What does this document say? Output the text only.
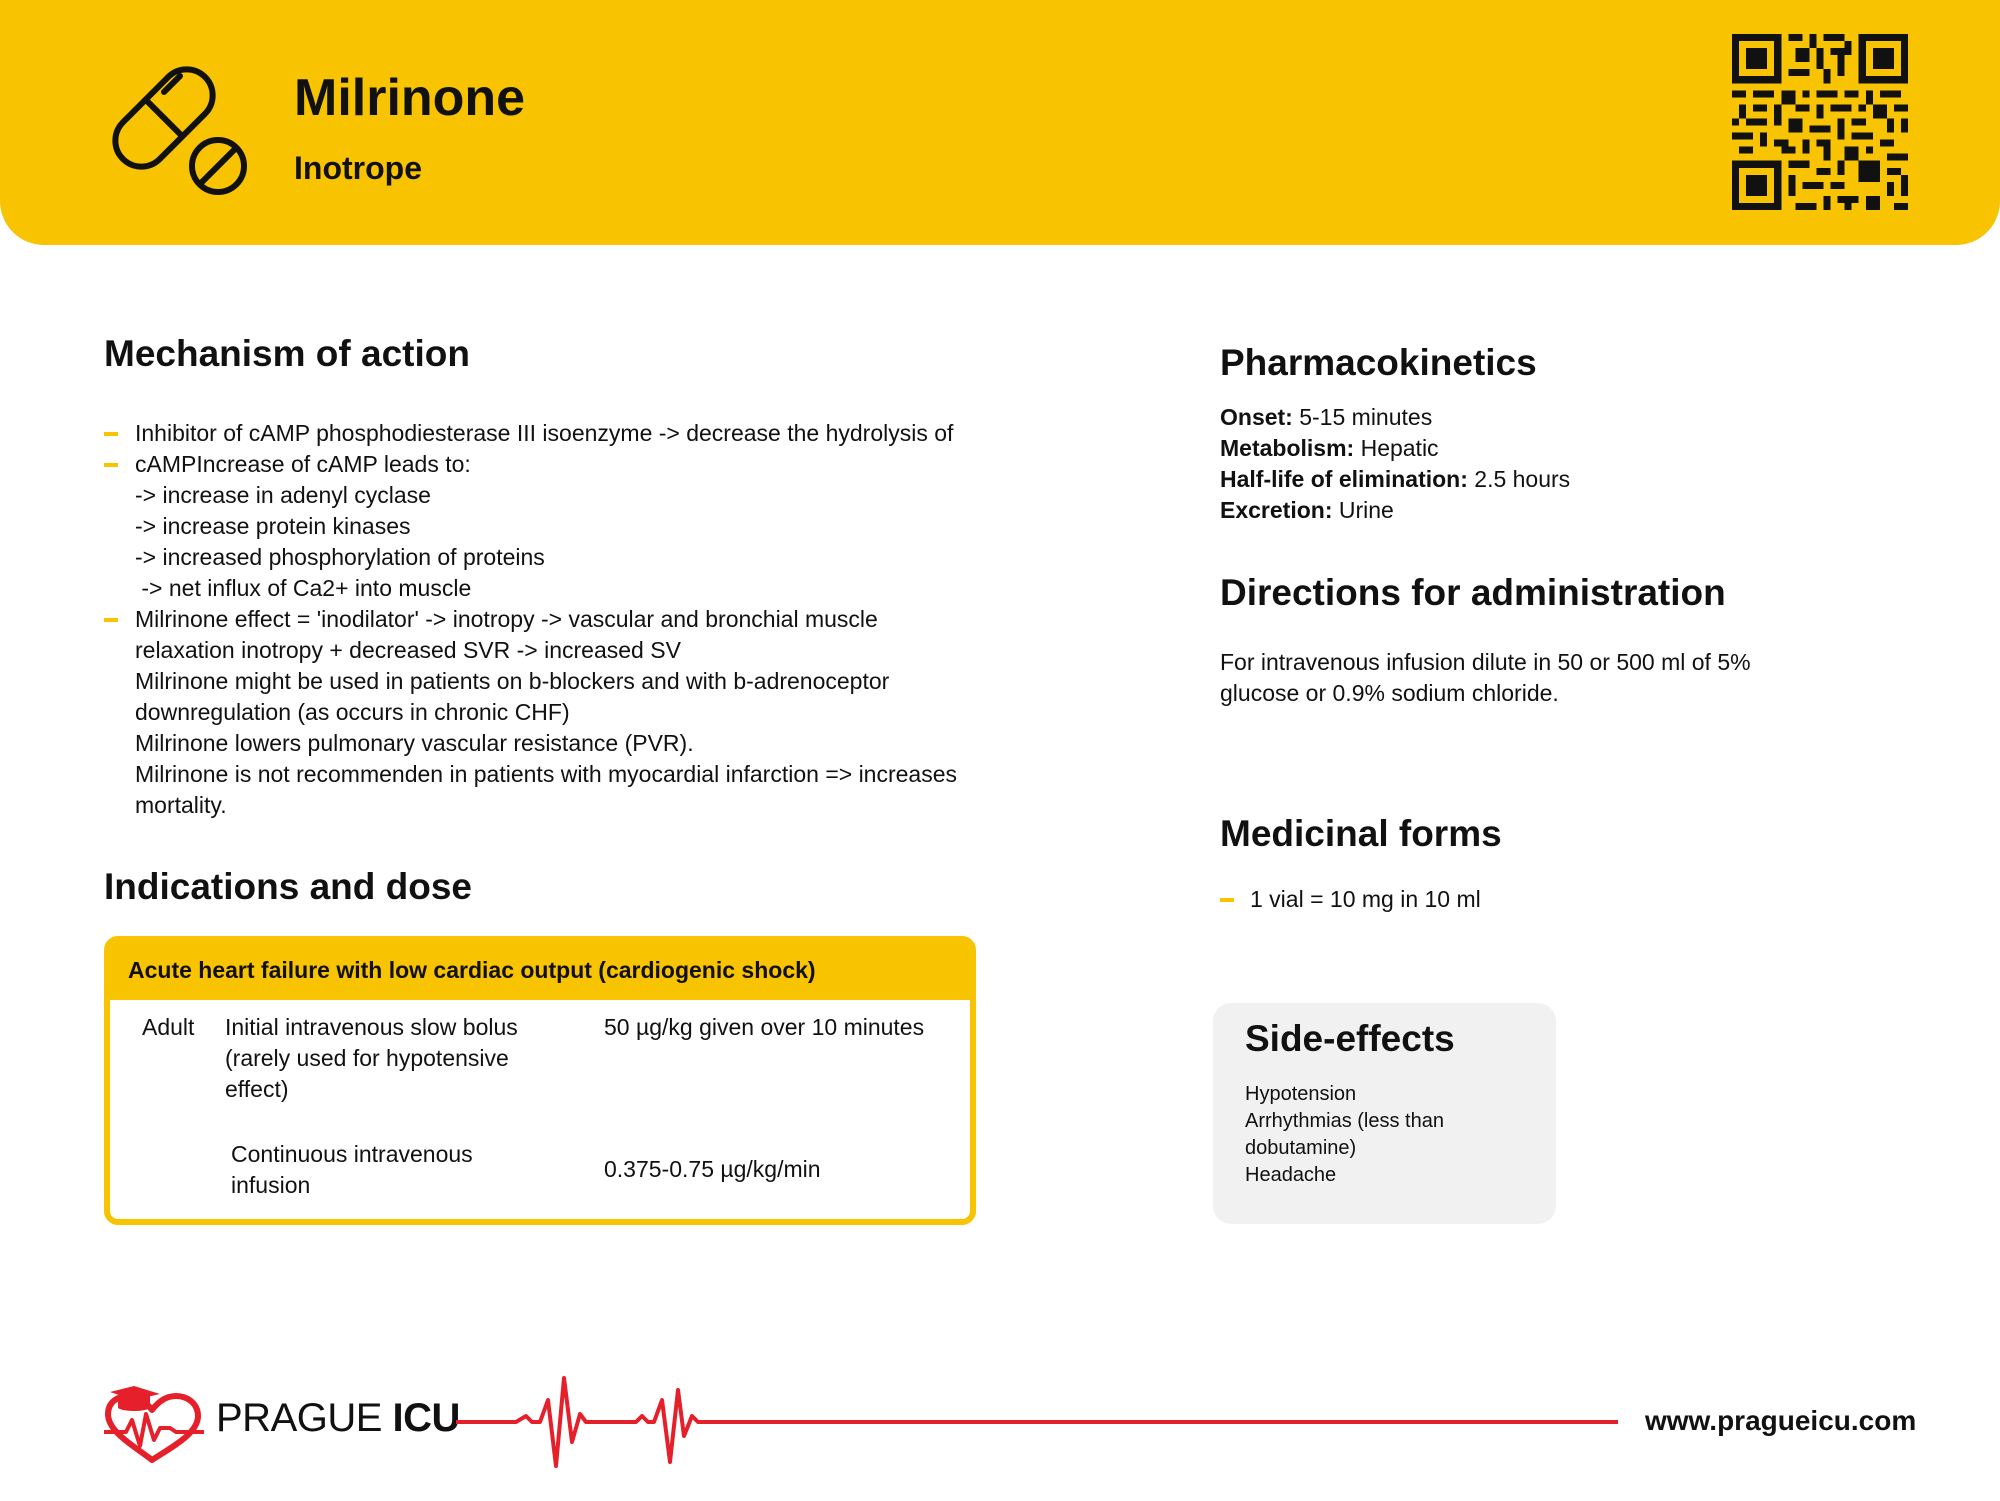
Milrinone
Inotrope
Mechanism of action
Inhibitor of cAMP phosphodiesterase III isoenzyme -> decrease the hydrolysis of
cAMPIncrease of cAMP leads to:
-> increase in adenyl cyclase
-> increase protein kinases
-> increased phosphorylation of proteins
-> net influx of Ca2+ into muscle
Milrinone effect = 'inodilator' -> inotropy -> vascular and bronchial muscle
relaxation inotropy + decreased SVR -> increased SV
Milrinone might be used in patients on b-blockers and with b-adrenoceptor
downregulation (as occurs in chronic CHF)
Milrinone lowers pulmonary vascular resistance (PVR).
Milrinone is not recommenden in patients with myocardial infarction => increases
mortality.
Indications and dose
Acute heart failure with low cardiac output (cardiogenic shock)
Adult Initial intravenous slow bolus
(rarely used for hypotensive
effect)
50 µg/kg given over 10 minutes
Continuous intravenous
infusion
0.375-0.75 µg/kg/min
Pharmacokinetics
Onset: 5-15 minutes
Metabolism: Hepatic
Half-life of elimination: 2.5 hours
Excretion: Urine
Directions for administration
For intravenous infusion dilute in 50 or 500 ml of 5%
glucose or 0.9% sodium chloride.
Medicinal forms
1 vial = 10 mg in 10 ml
Side-effects
Hypotension
Arrhythmias (less than
dobutamine)
Headache
PRAGUE ICU	www.pragueicu.com
